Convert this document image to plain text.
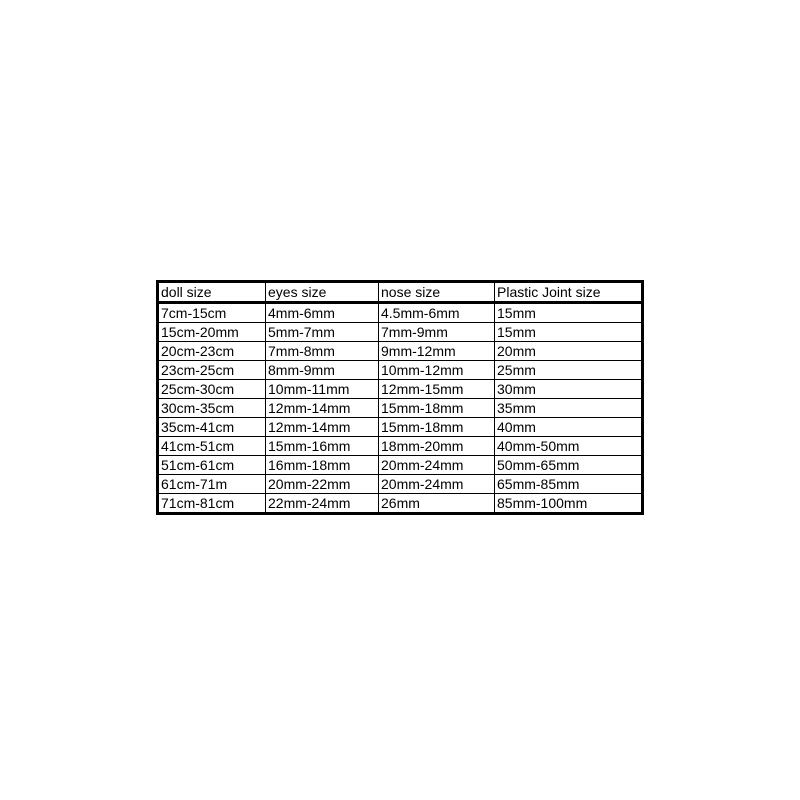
doll size	eyes size	nose size	Plastic Joint size
7cm-15cm	4mm-6mm	4.5mm-6mm	15mm
15cm-20mm	5mm-7mm	7mm-9mm	15mm
20cm-23cm	7mm-8mm	9mm-12mm	20mm
23cm-25cm	8mm-9mm	10mm-12mm	25mm
25cm-30cm	10mm-11mm	12mm-15mm	30mm
30cm-35cm	12mm-14mm	15mm-18mm	35mm
35cm-41cm	12mm-14mm	15mm-18mm	40mm
41cm-51cm	15mm-16mm	18mm-20mm	40mm-50mm
51cm-61cm	16mm-18mm	20mm-24mm	50mm-65mm
61cm-71m	20mm-22mm	20mm-24mm	65mm-85mm
71cm-81cm	22mm-24mm	26mm	85mm-100mm
